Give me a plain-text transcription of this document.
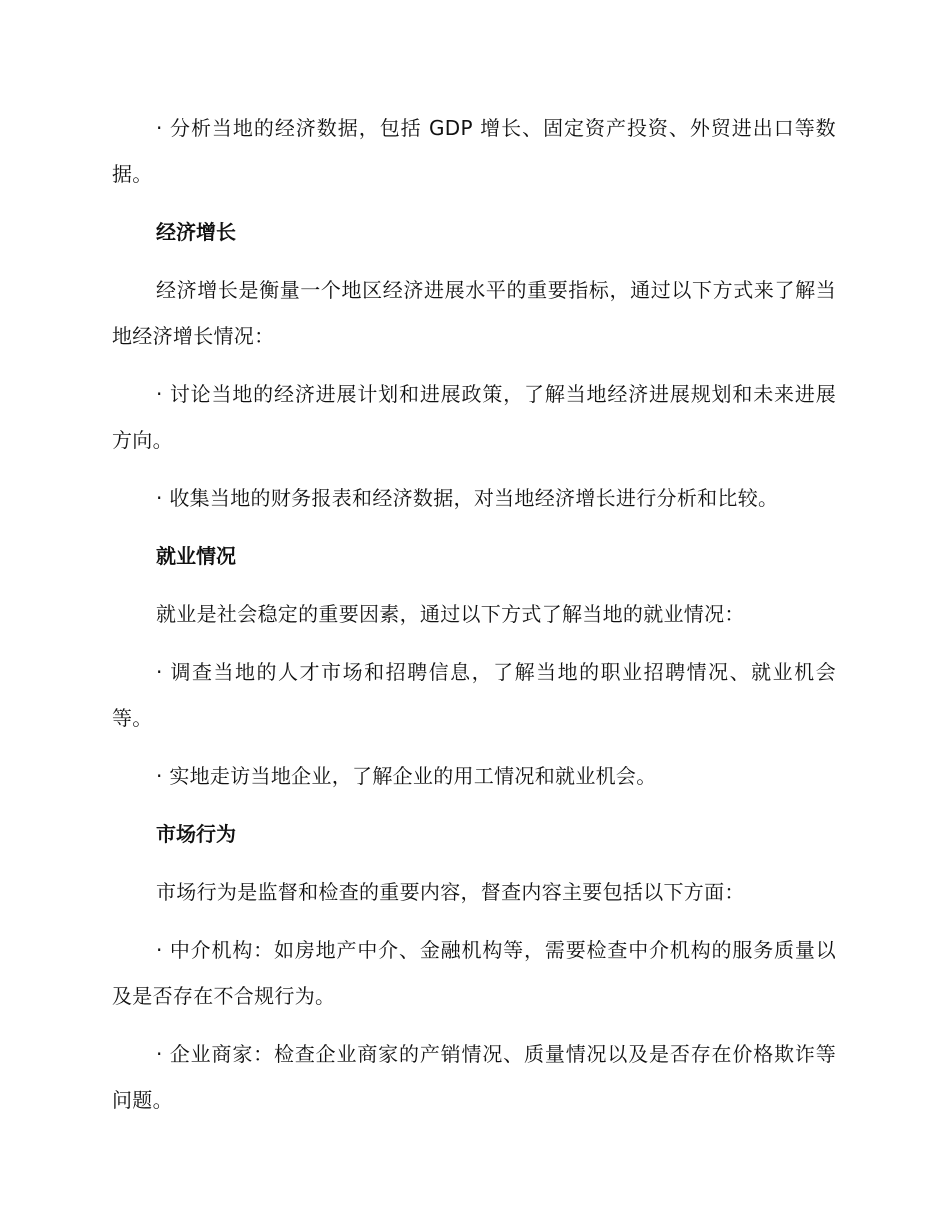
· 分析当地的经济数据，包括 GDP 增长、固定资产投资、外贸进出口等数据。

经济增长

经济增长是衡量一个地区经济进展水平的重要指标，通过以下方式来了解当地经济增长情况：

· 讨论当地的经济进展计划和进展政策，了解当地经济进展规划和未来进展方向。

· 收集当地的财务报表和经济数据，对当地经济增长进行分析和比较。

就业情况

就业是社会稳定的重要因素，通过以下方式了解当地的就业情况：

· 调查当地的人才市场和招聘信息，了解当地的职业招聘情况、就业机会等。

· 实地走访当地企业，了解企业的用工情况和就业机会。

市场行为

市场行为是监督和检查的重要内容，督查内容主要包括以下方面：

· 中介机构：如房地产中介、金融机构等，需要检查中介机构的服务质量以及是否存在不合规行为。

· 企业商家：检查企业商家的产销情况、质量情况以及是否存在价格欺诈等问题。
